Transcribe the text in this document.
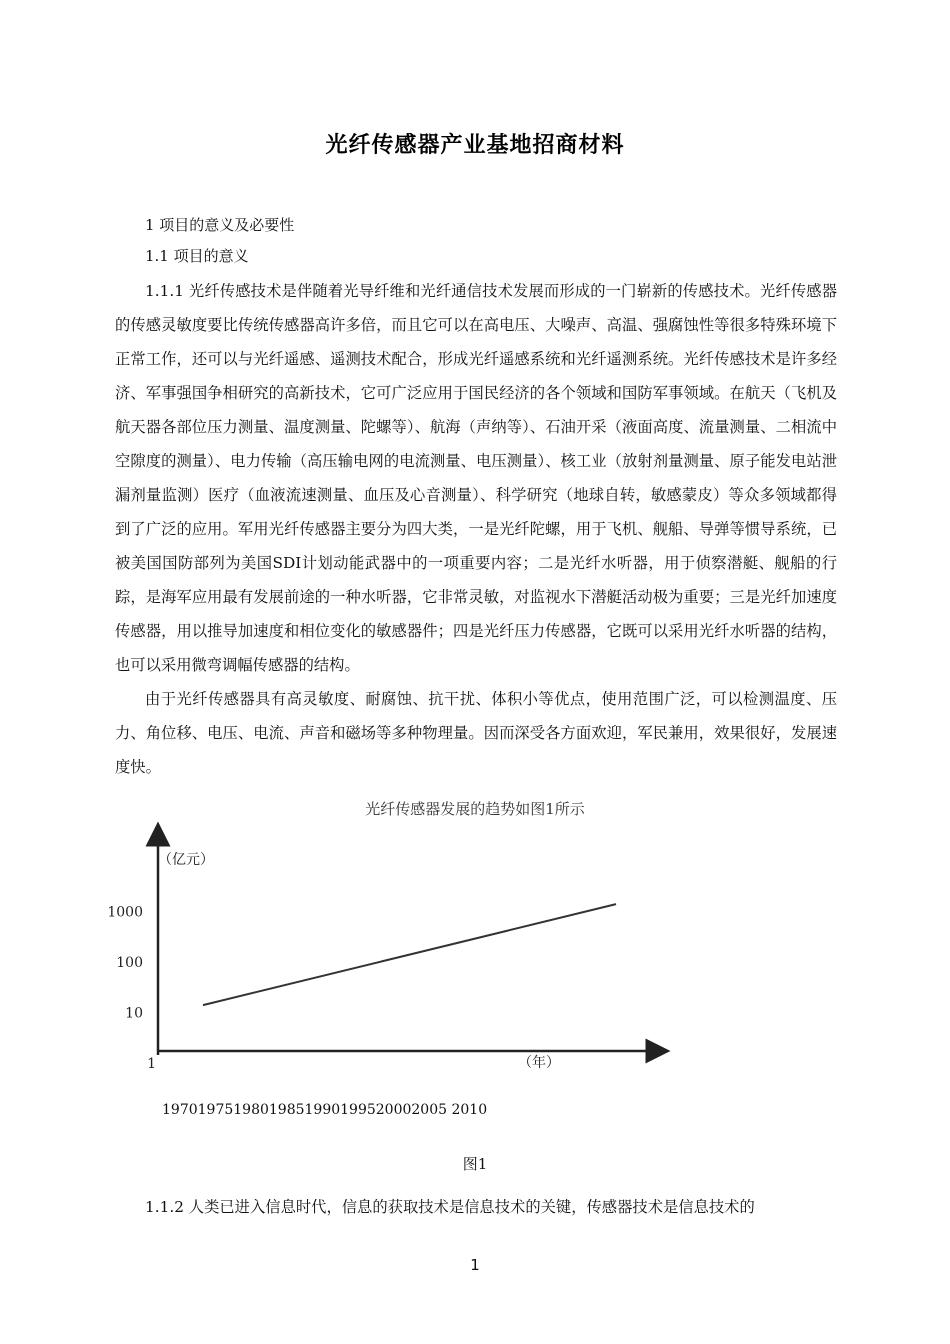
光纤传感器产业基地招商材料
1 项目的意义及必要性
1.1 项目的意义

1.1.1 光纤传感技术是伴随着光导纤维和光纤通信技术发展而形成的一门崭新的传感技术。光纤传感器的传感灵敏度要比传统传感器高许多倍，而且它可以在高电压、大噪声、高温、强腐蚀性等很多特殊环境下正常工作，还可以与光纤遥感、遥测技术配合，形成光纤遥感系统和光纤遥测系统。光纤传感技术是许多经济、军事强国争相研究的高新技术，它可广泛应用于国民经济的各个领域和国防军事领域。在航天（飞机及航天器各部位压力测量、温度测量、陀螺等）、航海（声纳等）、石油开采（液面高度、流量测量、二相流中空隙度的测量）、电力传输（高压输电网的电流测量、电压测量）、核工业（放射剂量测量、原子能发电站泄漏剂量监测）医疗（血液流速测量、血压及心音测量）、科学研究（地球自转，敏感蒙皮）等众多领域都得到了广泛的应用。军用光纤传感器主要分为四大类，一是光纤陀螺，用于飞机、舰船、导弹等惯导系统，已被美国国防部列为美国SDI计划动能武器中的一项重要内容；二是光纤水听器，用于侦察潜艇、舰船的行踪，是海军应用最有发展前途的一种水听器，它非常灵敏，对监视水下潜艇活动极为重要；三是光纤加速度传感器，用以推导加速度和相位变化的敏感器件；四是光纤压力传感器，它既可以采用光纤水听器的结构，也可以采用微弯调幅传感器的结构。

由于光纤传感器具有高灵敏度、耐腐蚀、抗干扰、体积小等优点，使用范围广泛，可以检测温度、压力、角位移、电压、电流、声音和磁场等多种物理量。因而深受各方面欢迎，军民兼用，效果很好，发展速度快。

光纤传感器发展的趋势如图1所示
（亿元）
（年）
1
10
100
1000
19701975198019851990199520002005 2010
图1
1.1.2 人类已进入信息时代，信息的获取技术是信息技术的关键，传感器技术是信息技术的
1
